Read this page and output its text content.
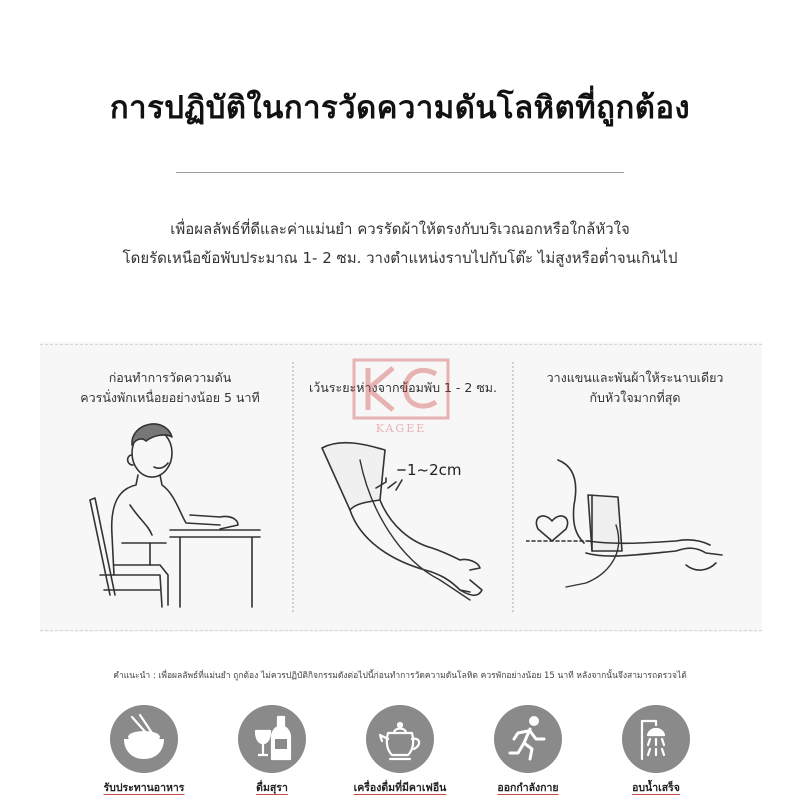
การปฏิบัติในการวัดความดันโลหิตที่ถูกต้อง
เพื่อผลลัพธ์ที่ดีและค่าแม่นยำ ควรรัดผ้าให้ตรงกับบริเวณอกหรือใกล้หัวใจ
โดยรัดเหนือข้อพับประมาณ 1- 2 ซม. วางตำแหน่งราบไปกับโต๊ะ ไม่สูงหรือต่ำจนเกินไป
ก่อนทำการวัดความดัน
ควรนั่งพักเหนื่อยอย่างน้อย 5 นาที
เว้นระยะห่างจากข้อมพับ 1 - 2 ซม.
1~2cm
KAGEE
วางแขนและพันผ้าให้ระนาบเดียว
กับหัวใจมากที่สุด
คำแนะนำ : เพื่อผลลัพธ์ที่แม่นยำ ถูกต้อง ไม่ควรปฏิบัติกิจกรรมดังต่อไปนี้ก่อนทำการวัดความดันโลหิต ควรพักอย่างน้อย 15 นาที หลังจากนั้นจึงสามารถตรวจได้
รับประทานอาหาร	ดื่มสุรา	เครื่องดื่มที่มีคาเฟอีน	ออกกำลังกาย	อบน้ำเสร็จ
